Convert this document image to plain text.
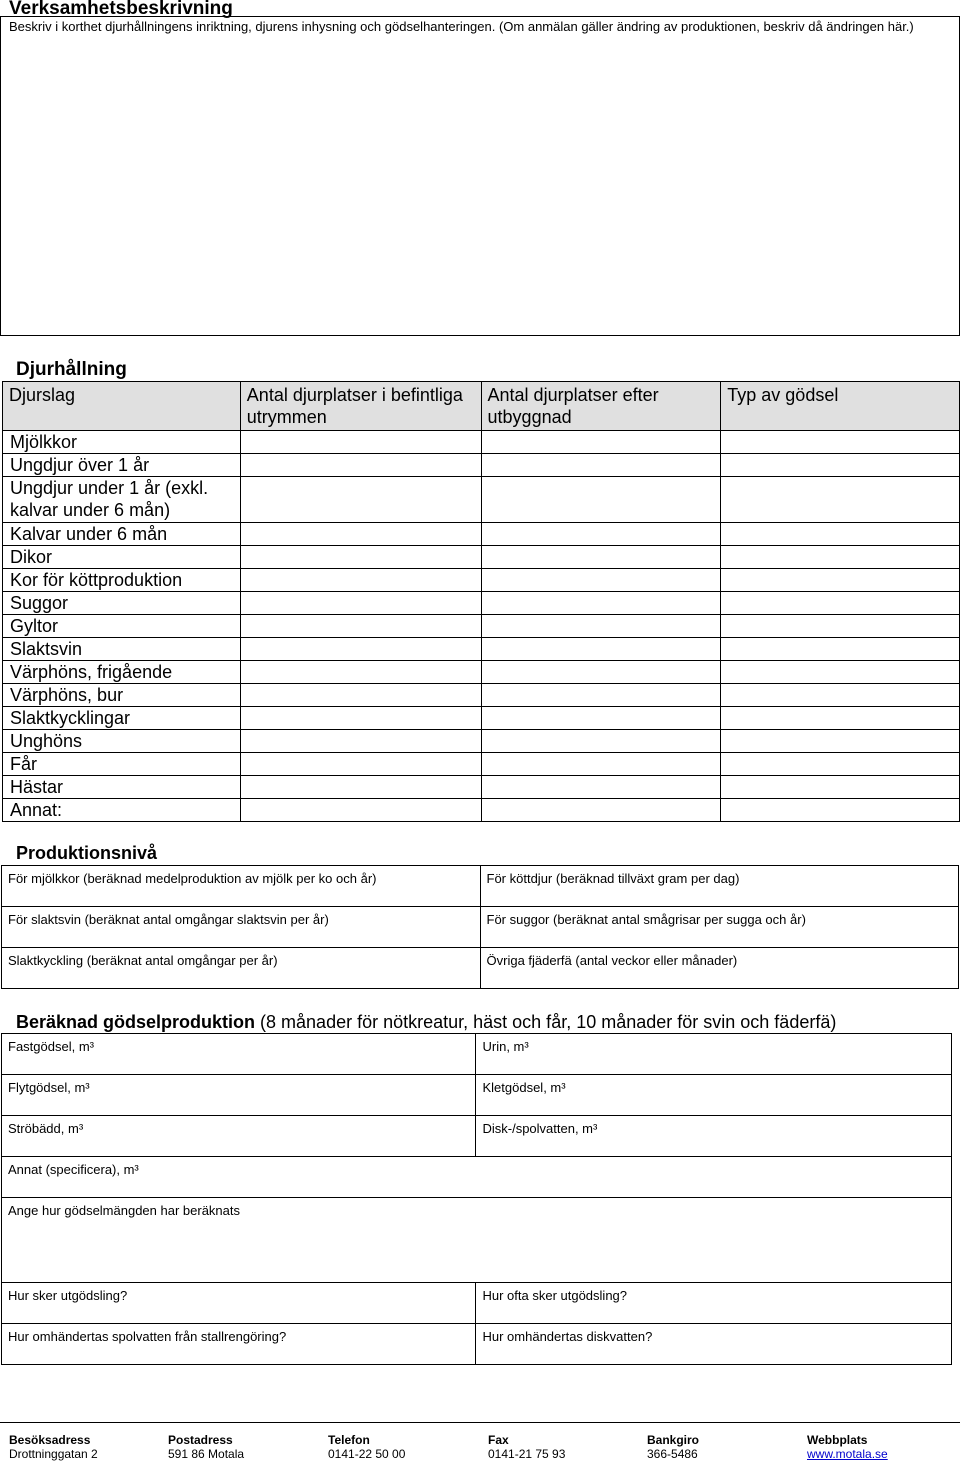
Verksamhetsbeskrivning
Beskriv i korthet djurhållningens inriktning, djurens inhysning och gödselhanteringen. (Om anmälan gäller ändring av produktionen, beskriv då ändringen här.)
Djurhållning
Djurslag	Antal djurplatser i befintliga utrymmen	Antal djurplatser efter utbyggnad	Typ av gödsel
Mjölkkor			
Ungdjur över 1 år			
Ungdjur under 1 år (exkl. kalvar under 6 mån)			
Kalvar under 6 mån			
Dikor			
Kor för köttproduktion			
Suggor			
Gyltor			
Slaktsvin			
Värphöns, frigående			
Värphöns, bur			
Slaktkycklingar			
Unghöns			
Får			
Hästar			
Annat:			
Produktionsnivå
För mjölkkor (beräknad medelproduktion av mjölk per ko och år)	För köttdjur (beräknad tillväxt gram per dag)
För slaktsvin (beräknat antal omgångar slaktsvin per år)	För suggor (beräknat antal smågrisar per sugga och år)
Slaktkyckling (beräknat antal omgångar per år)	Övriga fjäderfä (antal veckor eller månader)
Beräknad gödselproduktion (8 månader för nötkreatur, häst och får, 10 månader för svin och fäderfä)
Fastgödsel, m³	Urin, m³
Flytgödsel, m³	Kletgödsel, m³
Ströbädd, m³	Disk-/spolvatten, m³
Annat (specificera), m³	
Ange hur gödselmängden har beräknats	
Hur sker utgödsling?	Hur ofta sker utgödsling?
Hur omhändertas spolvatten från stallrengöring?	Hur omhändertas diskvatten?
Besöksadress
Drottninggatan 2
Postadress
591 86 Motala
Telefon
0141-22 50 00
Fax
0141-21 75 93
Bankgiro
366-5486
Webbplats
www.motala.se
